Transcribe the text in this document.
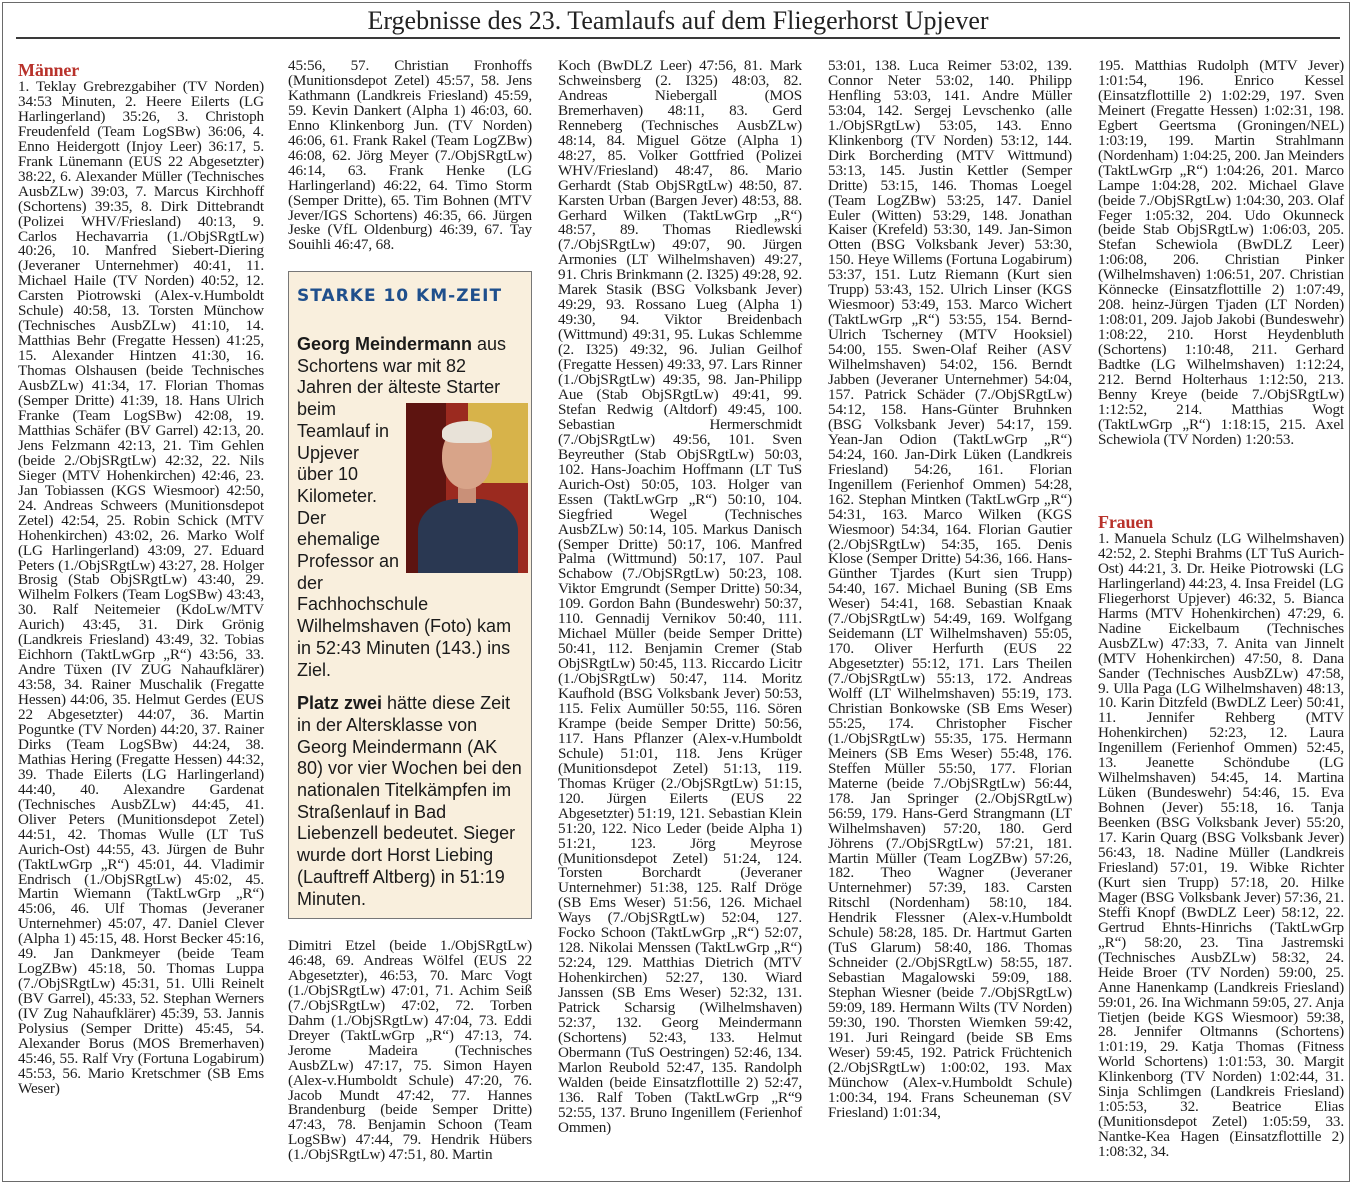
Ergebnisse des 23. Teamlaufs auf dem Fliegerhorst Upjever

Männer

1. Teklay Grebrezgabiher (TV Norden) 34:53 Minuten, 2. Heere Eilerts (LG Harlingerland) 35:26, 3. Christoph Freudenfeld (Team LogSBw) 36:06, 4. Enno Heidergott (Injoy Leer) 36:17, 5. Frank Lünemann (EUS 22 Abgesetzter) 38:22, 6. Alexander Müller (Technisches AusbZLw) 39:03, 7. Marcus Kirchhoff (Schortens) 39:35, 8. Dirk Dittebrandt (Polizei WHV/Friesland) 40:13, 9. Carlos Hechavarria (1./ObjSRgtLw) 40:26, 10. Manfred Siebert-Diering (Jeveraner Unternehmer) 40:41, 11. Michael Haile (TV Norden) 40:52, 12. Carsten Piotrowski (Alex-v.Humboldt Schule) 40:58, 13. Torsten Münchow (Technisches AusbZLw) 41:10, 14. Matthias Behr (Fregatte Hessen) 41:25, 15. Alexander Hintzen 41:30, 16. Thomas Olshausen (beide Technisches AusbZLw) 41:34, 17. Florian Thomas (Semper Dritte) 41:39, 18. Hans Ulrich Franke (Team LogSBw) 42:08, 19. Matthias Schäfer (BV Garrel) 42:13, 20. Jens Felzmann 42:13, 21. Tim Gehlen (beide 2./ObjSRgtLw) 42:32, 22. Nils Sieger (MTV Hohenkirchen) 42:46, 23. Jan Tobiassen (KGS Wiesmoor) 42:50, 24. Andreas Schweers (Munitionsdepot Zetel) 42:54, 25. Robin Schick (MTV Hohenkirchen) 43:02, 26. Marko Wolf (LG Harlingerland) 43:09, 27. Eduard Peters (1./ObjSRgtLw) 43:27, 28. Holger Brosig (Stab ObjSRgtLw) 43:40, 29. Wilhelm Folkers (Team LogSBw) 43:43, 30. Ralf Neitemeier (KdoLw/MTV Aurich) 43:45, 31. Dirk Grönig (Landkreis Friesland) 43:49, 32. Tobias Eichhorn (TaktLwGrp „R“) 43:56, 33. Andre Tüxen (IV ZUG Nahaufklärer) 43:58, 34. Rainer Muschalik (Fregatte Hessen) 44:06, 35. Helmut Gerdes (EUS 22 Abgesetzter) 44:07, 36. Martin Poguntke (TV Norden) 44:20, 37. Rainer Dirks (Team LogSBw) 44:24, 38. Mathias Hering (Fregatte Hessen) 44:32, 39. Thade Eilerts (LG Harlingerland) 44:40, 40. Alexandre Gardenat (Technisches AusbZLw) 44:45, 41. Oliver Peters (Munitionsdepot Zetel) 44:51, 42. Thomas Wulle (LT TuS Aurich-Ost) 44:55, 43. Jürgen de Buhr (TaktLwGrp „R“) 45:01, 44. Vladimir Endrisch (1./ObjSRgtLw) 45:02, 45. Martin Wiemann (TaktLwGrp „R“) 45:06, 46. Ulf Thomas (Jeveraner Unternehmer) 45:07, 47. Daniel Clever (Alpha 1) 45:15, 48. Horst Becker 45:16, 49. Jan Dankmeyer (beide Team LogZBw) 45:18, 50. Thomas Luppa (7./ObjSRgtLw) 45:31, 51. Ulli Reinelt (BV Garrel), 45:33, 52. Stephan Werners (IV Zug Nahaufklärer) 45:39, 53. Jannis Polysius (Semper Dritte) 45:45, 54. Alexander Borus (MOS Bremerhaven) 45:46, 55. Ralf Vry (Fortuna Logabirum) 45:53, 56. Mario Kretschmer (SB Ems Weser)

45:56, 57. Christian Fronhoffs (Munitionsdepot Zetel) 45:57, 58. Jens Kathmann (Landkreis Friesland) 45:59, 59. Kevin Dankert (Alpha 1) 46:03, 60. Enno Klinkenborg Jun. (TV Norden) 46:06, 61. Frank Rakel (Team LogZBw) 46:08, 62. Jörg Meyer (7./ObjSRgtLw) 46:14, 63. Frank Henke (LG Harlingerland) 46:22, 64. Timo Storm (Semper Dritte), 65. Tim Bohnen (MTV Jever/IGS Schortens) 46:35, 66. Jürgen Jeske (VfL Oldenburg) 46:39, 67. Tay Souihli 46:47, 68.

STARKE 10 KM-ZEIT

Georg Meindermann aus Schortens war mit 82 Jahren der älteste Starter beim
Teamlauf in Upjever über 10 Kilometer. Der ehemalige Professor an der Fachhochschule Wilhelmshaven (Foto) kam in 52:43 Minuten (143.) ins Ziel.

Platz zwei hätte diese Zeit in der Altersklasse von Georg Meindermann (AK 80) vor vier Wochen bei den nationalen Titelkämpfen im Straßenlauf in Bad Liebenzell bedeutet. Sieger wurde dort Horst Liebing (Lauftreff Altberg) in 51:19 Minuten.

Dimitri Etzel (beide 1./ObjSRgtLw) 46:48, 69. Andreas Wölfel (EUS 22 Abgesetzter), 46:53, 70. Marc Vogt (1./ObjSRgtLw) 47:01, 71. Achim Seiß (7./ObjSRgtLw) 47:02, 72. Torben Dahm (1./ObjSRgtLw) 47:04, 73. Eddi Dreyer (TaktLwGrp „R“) 47:13, 74. Jerome Madeira (Technisches AusbZLw) 47:17, 75. Simon Hayen (Alex-v.Humboldt Schule) 47:20, 76. Jacob Mundt 47:42, 77. Hannes Brandenburg (beide Semper Dritte) 47:43, 78. Benjamin Schoon (Team LogSBw) 47:44, 79. Hendrik Hübers (1./ObjSRgtLw) 47:51, 80. Martin

Koch (BwDLZ Leer) 47:56, 81. Mark Schweinsberg (2. I325) 48:03, 82. Andreas Niebergall (MOS Bremerhaven) 48:11, 83. Gerd Renneberg (Technisches AusbZLw) 48:14, 84. Miguel Götze (Alpha 1) 48:27, 85. Volker Gottfried (Polizei WHV/Friesland) 48:47, 86. Mario Gerhardt (Stab ObjSRgtLw) 48:50, 87. Karsten Urban (Bargen Jever) 48:53, 88. Gerhard Wilken (TaktLwGrp „R“) 48:57, 89. Thomas Riedlewski (7./ObjSRgtLw) 49:07, 90. Jürgen Armonies (LT Wilhelmshaven) 49:27, 91. Chris Brinkmann (2. I325) 49:28, 92. Marek Stasik (BSG Volksbank Jever) 49:29, 93. Rossano Lueg (Alpha 1) 49:30, 94. Viktor Breidenbach (Wittmund) 49:31, 95. Lukas Schlemme (2. I325) 49:32, 96. Julian Geilhof (Fregatte Hessen) 49:33, 97. Lars Rinner (1./ObjSRgtLw) 49:35, 98. Jan-Philipp Aue (Stab ObjSRgtLw) 49:41, 99. Stefan Redwig (Altdorf) 49:45, 100. Sebastian Hermerschmidt (7./ObjSRgtLw) 49:56, 101. Sven Beyreuther (Stab ObjSRgtLw) 50:03, 102. Hans-Joachim Hoffmann (LT TuS Aurich-Ost) 50:05, 103. Holger van Essen (TaktLwGrp „R“) 50:10, 104. Siegfried Wegel (Technisches AusbZLw) 50:14, 105. Markus Danisch (Semper Dritte) 50:17, 106. Manfred Palma (Wittmund) 50:17, 107. Paul Schabow (7./ObjSRgtLw) 50:23, 108. Viktor Emgrundt (Semper Dritte) 50:34, 109. Gordon Bahn (Bundeswehr) 50:37, 110. Gennadij Vernikov 50:40, 111. Michael Müller (beide Semper Dritte) 50:41, 112. Benjamin Cremer (Stab ObjSRgtLw) 50:45, 113. Riccardo Licitr (1./ObjSRgtLw) 50:47, 114. Moritz Kaufhold (BSG Volksbank Jever) 50:53, 115. Felix Aumüller 50:55, 116. Sören Krampe (beide Semper Dritte) 50:56, 117. Hans Pflanzer (Alex-v.Humboldt Schule) 51:01, 118. Jens Krüger (Munitionsdepot Zetel) 51:13, 119. Thomas Krüger (2./ObjSRgtLw) 51:15, 120. Jürgen Eilerts (EUS 22 Abgesetzter) 51:19, 121. Sebastian Klein 51:20, 122. Nico Leder (beide Alpha 1) 51:21, 123. Jörg Meyrose (Munitionsdepot Zetel) 51:24, 124. Torsten Borchardt (Jeveraner Unternehmer) 51:38, 125. Ralf Dröge (SB Ems Weser) 51:56, 126. Michael Ways (7./ObjSRgtLw) 52:04, 127. Focko Schoon (TaktLwGrp „R“) 52:07, 128. Nikolai Menssen (TaktLwGrp „R“) 52:24, 129. Matthias Dietrich (MTV Hohenkirchen) 52:27, 130. Wiard Janssen (SB Ems Weser) 52:32, 131. Patrick Scharsig (Wilhelmshaven) 52:37, 132. Georg Meindermann (Schortens) 52:43, 133. Helmut Obermann (TuS Oestringen) 52:46, 134. Marlon Reubold 52:47, 135. Randolph Walden (beide Einsatzflottille 2) 52:47, 136. Ralf Toben (TaktLwGrp „R“9 52:55, 137. Bruno Ingenillem (Ferienhof Ommen)

53:01, 138. Luca Reimer 53:02, 139. Connor Neter 53:02, 140. Philipp Henfling 53:03, 141. Andre Müller 53:04, 142. Sergej Levschenko (alle 1./ObjSRgtLw) 53:05, 143. Enno Klinkenborg (TV Norden) 53:12, 144. Dirk Borcherding (MTV Wittmund) 53:13, 145. Justin Kettler (Semper Dritte) 53:15, 146. Thomas Loegel (Team LogZBw) 53:25, 147. Daniel Euler (Witten) 53:29, 148. Jonathan Kaiser (Krefeld) 53:30, 149. Jan-Simon Otten (BSG Volksbank Jever) 53:30, 150. Heye Willems (Fortuna Logabirum) 53:37, 151. Lutz Riemann (Kurt sien Trupp) 53:43, 152. Ulrich Linser (KGS Wiesmoor) 53:49, 153. Marco Wichert (TaktLwGrp „R“) 53:55, 154. Bernd-Ulrich Tscherney (MTV Hooksiel) 54:00, 155. Swen-Olaf Reiher (ASV Wilhelmshaven) 54:02, 156. Berndt Jabben (Jeveraner Unternehmer) 54:04, 157. Patrick Schäder (7./ObjSRgtLw) 54:12, 158. Hans-Günter Bruhnken (BSG Volksbank Jever) 54:17, 159. Yean-Jan Odion (TaktLwGrp „R“) 54:24, 160. Jan-Dirk Lüken (Landkreis Friesland) 54:26, 161. Florian Ingenillem (Ferienhof Ommen) 54:28, 162. Stephan Mintken (TaktLwGrp „R“) 54:31, 163. Marco Wilken (KGS Wiesmoor) 54:34, 164. Florian Gautier (2./ObjSRgtLw) 54:35, 165. Denis Klose (Semper Dritte) 54:36, 166. Hans-Günther Tjardes (Kurt sien Trupp) 54:40, 167. Michael Buning (SB Ems Weser) 54:41, 168. Sebastian Knaak (7./ObjSRgtLw) 54:49, 169. Wolfgang Seidemann (LT Wilhelmshaven) 55:05, 170. Oliver Herfurth (EUS 22 Abgesetzter) 55:12, 171. Lars Theilen (7./ObjSRgtLw) 55:13, 172. Andreas Wolff (LT Wilhelmshaven) 55:19, 173. Christian Bonkowske (SB Ems Weser) 55:25, 174. Christopher Fischer (1./ObjSRgtLw) 55:35, 175. Hermann Meiners (SB Ems Weser) 55:48, 176. Steffen Müller 55:50, 177. Florian Materne (beide 7./ObjSRgtLw) 56:44, 178. Jan Springer (2./ObjSRgtLw) 56:59, 179. Hans-Gerd Strangmann (LT Wilhelmshaven) 57:20, 180. Gerd Jöhrens (7./ObjSRgtLw) 57:21, 181. Martin Müller (Team LogZBw) 57:26, 182. Theo Wagner (Jeveraner Unternehmer) 57:39, 183. Carsten Ritschl (Nordenham) 58:10, 184. Hendrik Flessner (Alex-v.Humboldt Schule) 58:28, 185. Dr. Hartmut Garten (TuS Glarum) 58:40, 186. Thomas Schneider (2./ObjSRgtLw) 58:55, 187. Sebastian Magalowski 59:09, 188. Stephan Wiesner (beide 7./ObjSRgtLw) 59:09, 189. Hermann Wilts (TV Norden) 59:30, 190. Thorsten Wiemken 59:42, 191. Juri Reingard (beide SB Ems Weser) 59:45, 192. Patrick Früchtenich (2./ObjSRgtLw) 1:00:02, 193. Max Münchow (Alex-v.Humboldt Schule) 1:00:34, 194. Frans Scheuneman (SV Friesland) 1:01:34,

195. Matthias Rudolph (MTV Jever) 1:01:54, 196. Enrico Kessel (Einsatzflottille 2) 1:02:29, 197. Sven Meinert (Fregatte Hessen) 1:02:31, 198. Egbert Geertsma (Groningen/NEL) 1:03:19, 199. Martin Strahlmann (Nordenham) 1:04:25, 200. Jan Meinders (TaktLwGrp „R“) 1:04:26, 201. Marco Lampe 1:04:28, 202. Michael Glave (beide 7./ObjSRgtLw) 1:04:30, 203. Olaf Feger 1:05:32, 204. Udo Okunneck (beide Stab ObjSRgtLw) 1:06:03, 205. Stefan Schewiola (BwDLZ Leer) 1:06:08, 206. Christian Pinker (Wilhelmshaven) 1:06:51, 207. Christian Könnecke (Einsatzflottille 2) 1:07:49, 208. heinz-Jürgen Tjaden (LT Norden) 1:08:01, 209. Jajob Jakobi (Bundeswehr) 1:08:22, 210. Horst Heydenbluth (Schortens) 1:10:48, 211. Gerhard Badtke (LG Wilhelmshaven) 1:12:24, 212. Bernd Holterhaus 1:12:50, 213. Benny Kreye (beide 7./ObjSRgtLw) 1:12:52, 214. Matthias Wogt (TaktLwGrp „R“) 1:18:15, 215. Axel Schewiola (TV Norden) 1:20:53.

Frauen

1. Manuela Schulz (LG Wilhelmshaven) 42:52, 2. Stephi Brahms (LT TuS Aurich-Ost) 44:21, 3. Dr. Heike Piotrowski (LG Harlingerland) 44:23, 4. Insa Freidel (LG Fliegerhorst Upjever) 46:32, 5. Bianca Harms (MTV Hohenkirchen) 47:29, 6. Nadine Eickelbaum (Technisches AusbZLw) 47:33, 7. Anita van Jinnelt (MTV Hohenkirchen) 47:50, 8. Dana Sander (Technisches AusbZLw) 47:58, 9. Ulla Paga (LG Wilhelmshaven) 48:13, 10. Karin Ditzfeld (BwDLZ Leer) 50:41, 11. Jennifer Rehberg (MTV Hohenkirchen) 52:23, 12. Laura Ingenillem (Ferienhof Ommen) 52:45, 13. Jeanette Schöndube (LG Wilhelmshaven) 54:45, 14. Martina Lüken (Bundeswehr) 54:46, 15. Eva Bohnen (Jever) 55:18, 16. Tanja Beenken (BSG Volksbank Jever) 55:20, 17. Karin Quarg (BSG Volksbank Jever) 56:43, 18. Nadine Müller (Landkreis Friesland) 57:01, 19. Wibke Richter (Kurt sien Trupp) 57:18, 20. Hilke Mager (BSG Volksbank Jever) 57:36, 21. Steffi Knopf (BwDLZ Leer) 58:12, 22. Gertrud Ehnts-Hinrichs (TaktLwGrp „R“) 58:20, 23. Tina Jastremski (Technisches AusbZLw) 58:32, 24. Heide Broer (TV Norden) 59:00, 25. Anne Hanenkamp (Landkreis Friesland) 59:01, 26. Ina Wichmann 59:05, 27. Anja Tietjen (beide KGS Wiesmoor) 59:38, 28. Jennifer Oltmanns (Schortens) 1:01:19, 29. Katja Thomas (Fitness World Schortens) 1:01:53, 30. Margit Klinkenborg (TV Norden) 1:02:44, 31. Sinja Schlimgen (Landkreis Friesland) 1:05:53, 32. Beatrice Elias (Munitionsdepot Zetel) 1:05:59, 33. Nantke-Kea Hagen (Einsatzflottille 2) 1:08:32, 34.
